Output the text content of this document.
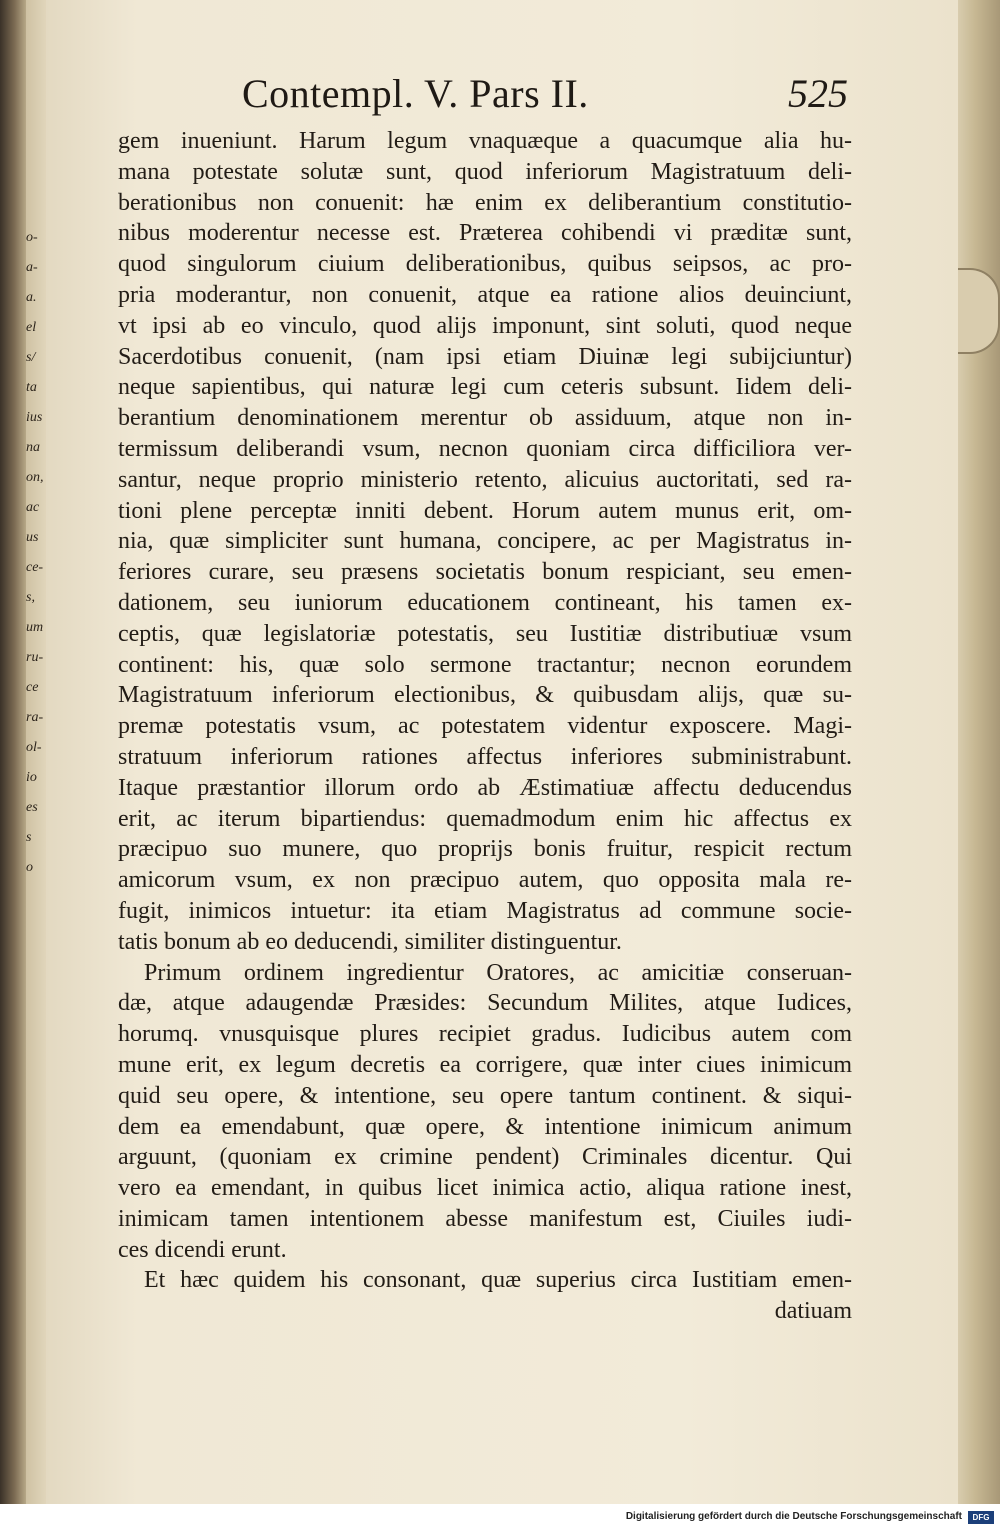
o-
a-
a.
el
s/
ta
ius
na
on,
ac
us
ce-
s,
um
ru-
ce
ra-
ol-
io
es
s
o
Contempl. V. Pars II.	525
gem inueniunt. Harum legum vnaquæque a quacumque alia hu-
mana potestate solutæ sunt, quod inferiorum Magistratuum deli-
berationibus non conuenit: hæ enim ex deliberantium constitutio-
nibus moderentur necesse est. Præterea cohibendi vi præditæ sunt,
quod singulorum ciuium deliberationibus, quibus seipsos, ac pro-
pria moderantur, non conuenit, atque ea ratione alios deuinciunt,
vt ipsi ab eo vinculo, quod alijs imponunt, sint soluti, quod neque
Sacerdotibus conuenit, (nam ipsi etiam Diuinæ legi subijciuntur)
neque sapientibus, qui naturæ legi cum ceteris subsunt. Iidem deli-
berantium denominationem merentur ob assiduum, atque non in-
termissum deliberandi vsum, necnon quoniam circa difficiliora ver-
santur, neque proprio ministerio retento, alicuius auctoritati, sed ra-
tioni plene perceptæ inniti debent. Horum autem munus erit, om-
nia, quæ simpliciter sunt humana, concipere, ac per Magistratus in-
feriores curare, seu præsens societatis bonum respiciant, seu emen-
dationem, seu iuniorum educationem contineant, his tamen ex-
ceptis, quæ legislatoriæ potestatis, seu Iustitiæ distributiuæ vsum
continent: his, quæ solo sermone tractantur; necnon eorundem
Magistratuum inferiorum electionibus, & quibusdam alijs, quæ su-
premæ potestatis vsum, ac potestatem videntur exposcere. Magi-
stratuum inferiorum rationes affectus inferiores subministrabunt.
Itaque præstantior illorum ordo ab Æstimatiuæ affectu deducendus
erit, ac iterum bipartiendus: quemadmodum enim hic affectus ex
præcipuo suo munere, quo proprijs bonis fruitur, respicit rectum
amicorum vsum, ex non præcipuo autem, quo opposita mala re-
fugit, inimicos intuetur: ita etiam Magistratus ad commune socie-
tatis bonum ab eo deducendi, similiter distinguentur.
Primum ordinem ingredientur Oratores, ac amicitiæ conseruan-
dæ, atque adaugendæ Præsides: Secundum Milites, atque Iudices,
horumq. vnusquisque plures recipiet gradus. Iudicibus autem com
mune erit, ex legum decretis ea corrigere, quæ inter ciues inimicum
quid seu opere, & intentione, seu opere tantum continent. & siqui-
dem ea emendabunt, quæ opere, & intentione inimicum animum
arguunt, (quoniam ex crimine pendent) Criminales dicentur. Qui
vero ea emendant, in quibus licet inimica actio, aliqua ratione inest,
inimicam tamen intentionem abesse manifestum est, Ciuiles iudi-
ces dicendi erunt.
Et hæc quidem his consonant, quæ superius circa Iustitiam emen-
datiuam
Digitalisierung gefördert durch die Deutsche Forschungsgemeinschaft	DFG
